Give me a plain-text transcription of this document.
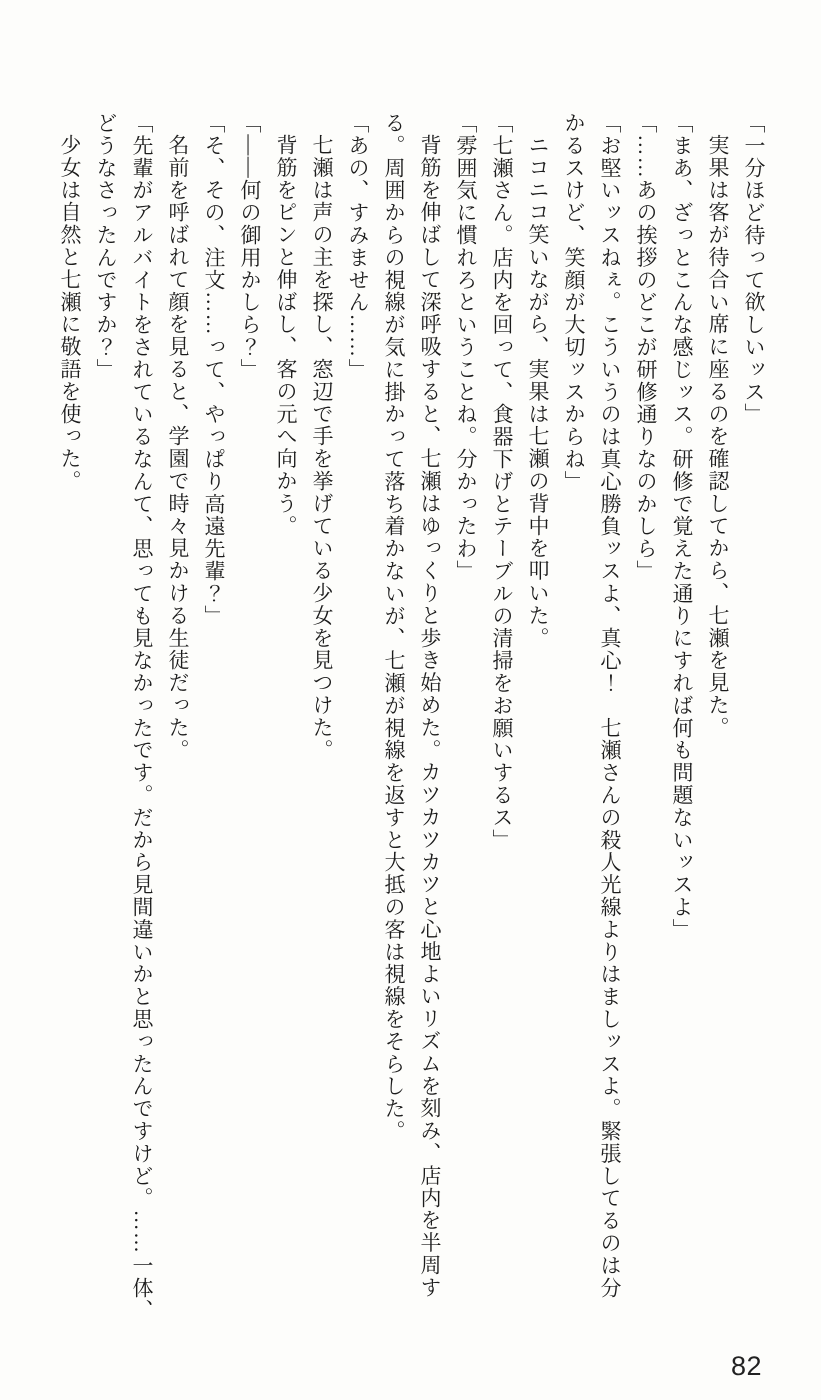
「一分ほど待って欲しいッス」
実果は客が待合い席に座るのを確認してから、七瀬を見た。
「まあ、ざっとこんな感じッス。研修で覚えた通りにすれば何も問題ないッスよ」
「……あの挨拶のどこが研修通りなのかしら」
「お堅いッスねぇ。こういうのは真心勝負ッスよ、真心！　七瀬さんの殺人光線よりはましッスよ。緊張してるのは分
かるスけど、笑顔が大切ッスからね」
ニコニコ笑いながら、実果は七瀬の背中を叩いた。
「七瀬さん。店内を回って、食器下げとテーブルの清掃をお願いするス」
「雰囲気に慣れろということね。分かったわ」
背筋を伸ばして深呼吸すると、七瀬はゆっくりと歩き始めた。カツカツカツと心地よいリズムを刻み、店内を半周す
る。周囲からの視線が気に掛かって落ち着かないが、七瀬が視線を返すと大抵の客は視線をそらした。
「あの、すみません……」
七瀬は声の主を探し、窓辺で手を挙げている少女を見つけた。
背筋をピンと伸ばし、客の元へ向かう。
「――何の御用かしら？」
「そ、その、注文……って、やっぱり高遠先輩？」
名前を呼ばれて顔を見ると、学園で時々見かける生徒だった。
「先輩がアルバイトをされているなんて、思っても見なかったです。だから見間違いかと思ったんですけど。……一体、
どうなさったんですか？」
少女は自然と七瀬に敬語を使った。
82
